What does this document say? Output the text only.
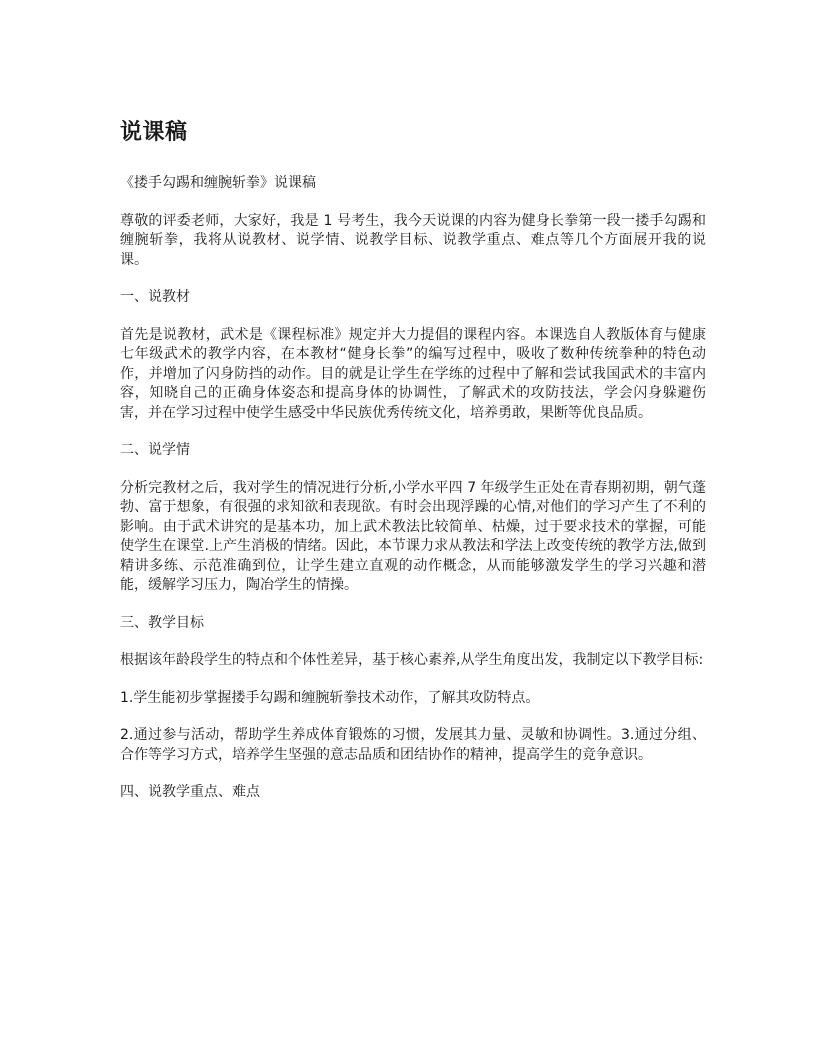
说课稿

《搂手勾踢和缠腕斩拳》说课稿

尊敬的评委老师，大家好，我是 1 号考生，我今天说课的内容为健身长拳第一段一搂手勾踢和缠腕斩拳，我将从说教材、说学情、说教学目标、说教学重点、难点等几个方面展开我的说课。

一、说教材

首先是说教材，武术是《课程标准》规定并大力提倡的课程内容。本课选自人教版体育与健康七年级武术的教学内容，在本教材“健身长拳”的编写过程中，吸收了数种传统拳种的特色动作，并增加了闪身防挡的动作。目的就是让学生在学练的过程中了解和尝试我国武术的丰富内容，知晓自己的正确身体姿态和提高身体的协调性，了解武术的攻防技法，学会闪身躲避伤害，并在学习过程中使学生感受中华民族优秀传统文化，培养勇敢，果断等优良品质。

二、说学情

分析完教材之后，我对学生的情况进行分析,小学水平四 7 年级学生正处在青春期初期，朝气蓬勃、富于想象，有很强的求知欲和表现欲。有时会出现浮躁的心情,对他们的学习产生了不利的影响。由于武术讲究的是基本功，加上武术教法比较简单、枯燥，过于要求技术的掌握，可能使学生在课堂.上产生消极的情绪。因此，本节课力求从教法和学法上改变传统的教学方法,做到精讲多练、示范准确到位，让学生建立直观的动作概念，从而能够激发学生的学习兴趣和潜能，缓解学习压力，陶冶学生的情操。

三、教学目标

根据该年龄段学生的特点和个体性差异，基于核心素养,从学生角度出发，我制定以下教学目标:

1.学生能初步掌握搂手勾踢和缠腕斩拳技术动作，了解其攻防特点。

2.通过参与活动，帮助学生养成体育锻炼的习惯，发展其力量、灵敏和协调性。3.通过分组、合作等学习方式，培养学生坚强的意志品质和团结协作的精神，提高学生的竞争意识。

四、说教学重点、难点
